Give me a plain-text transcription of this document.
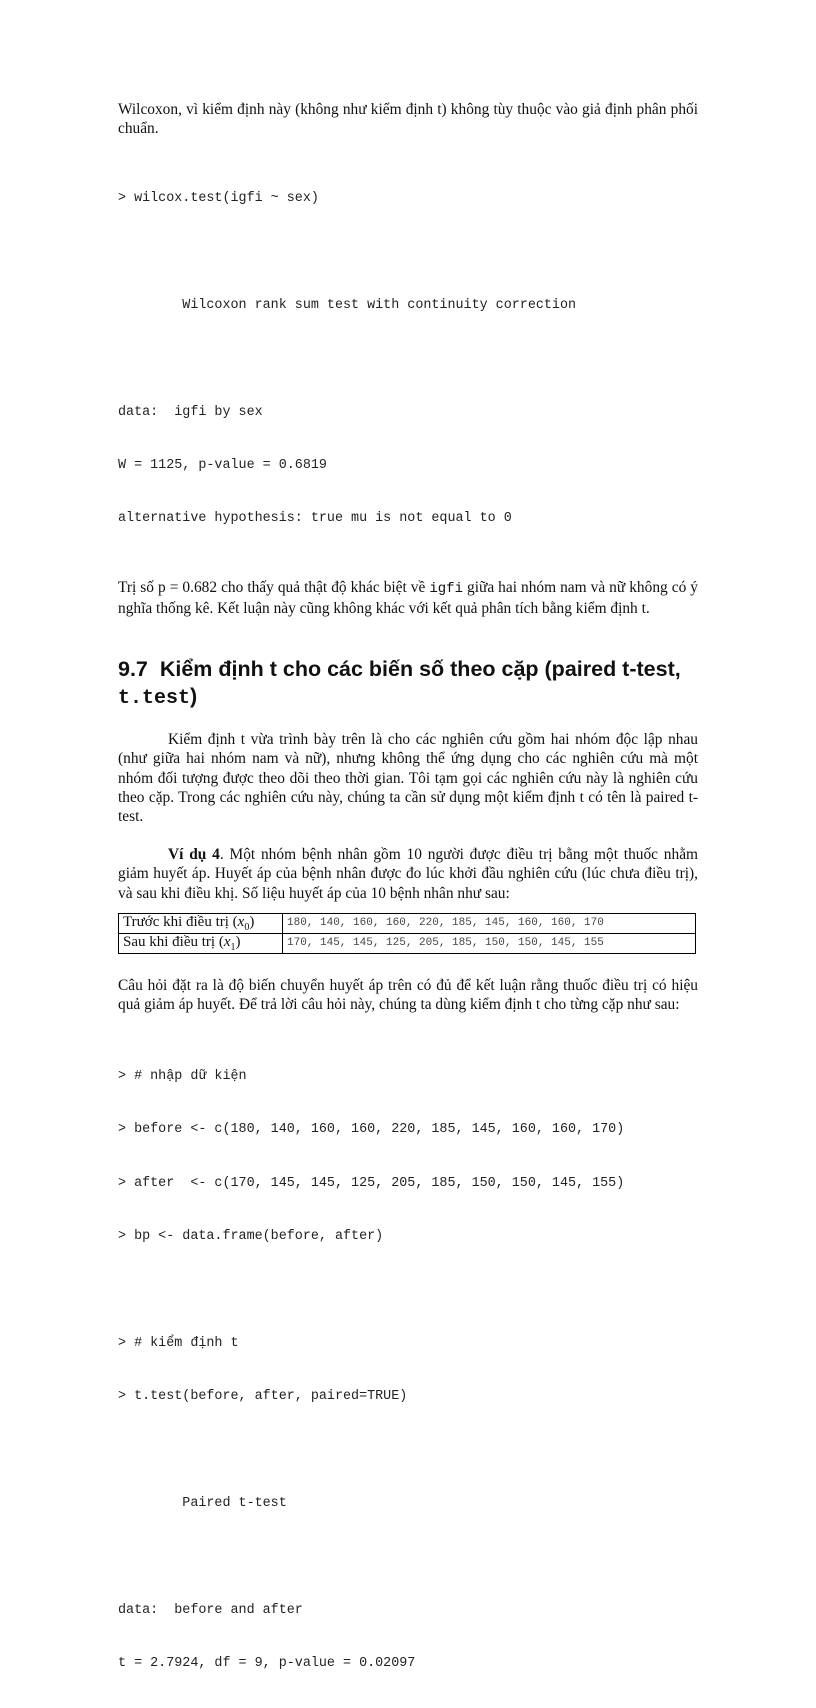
Wilcoxon, vì kiểm định này (không như kiểm định t) không tùy thuộc vào giả định phân phối chuẩn.

> wilcox.test(igfi ~ sex)

Wilcoxon rank sum test with continuity correction

data:  igfi by sex

W = 1125, p-value = 0.6819

alternative hypothesis: true mu is not equal to 0

Trị số p = 0.682 cho thấy quả thật độ khác biệt về igfi giữa hai nhóm nam và nữ không có ý nghĩa thống kê. Kết luận này cũng không khác với kết quả phân tích bằng kiểm định t.

9.7 Kiểm định t cho các biến số theo cặp (paired t-test,
t.test)

Kiểm định t vừa trình bày trên là cho các nghiên cứu gồm hai nhóm độc lập nhau (như giữa hai nhóm nam và nữ), nhưng không thể ứng dụng cho các nghiên cứu mà một nhóm đối tượng được theo dõi theo thời gian. Tôi tạm gọi các nghiên cứu này là nghiên cứu theo cặp. Trong các nghiên cứu này, chúng ta cần sử dụng một kiểm định t có tên là paired t-test.

Ví dụ 4. Một nhóm bệnh nhân gồm 10 người được điều trị bằng một thuốc nhằm giảm huyết áp. Huyết áp của bệnh nhân được đo lúc khởi đầu nghiên cứu (lúc chưa điều trị), và sau khi điều khị. Số liệu huyết áp của 10 bệnh nhân như sau:

Trước khi điều trị $(x_0)$	180, 140, 160, 160, 220, 185, 145, 160, 160, 170
Sau khi điều trị $(x_1)$	170, 145, 145, 125, 205, 185, 150, 150, 145, 155

Câu hỏi đặt ra là độ biến chuyển huyết áp trên có đủ để kết luận rằng thuốc điều trị có hiệu quả giảm áp huyết. Để trả lời câu hỏi này, chúng ta dùng kiểm định t cho từng cặp như sau:

> # nhập dữ kiện

> before <- c(180, 140, 160, 160, 220, 185, 145, 160, 160, 170)

> after  <- c(170, 145, 145, 125, 205, 185, 150, 150, 145, 155)

> bp <- data.frame(before, after)

> # kiểm định t

> t.test(before, after, paired=TRUE)

Paired t-test

data:  before and after

t = 2.7924, df = 9, p-value = 0.02097
